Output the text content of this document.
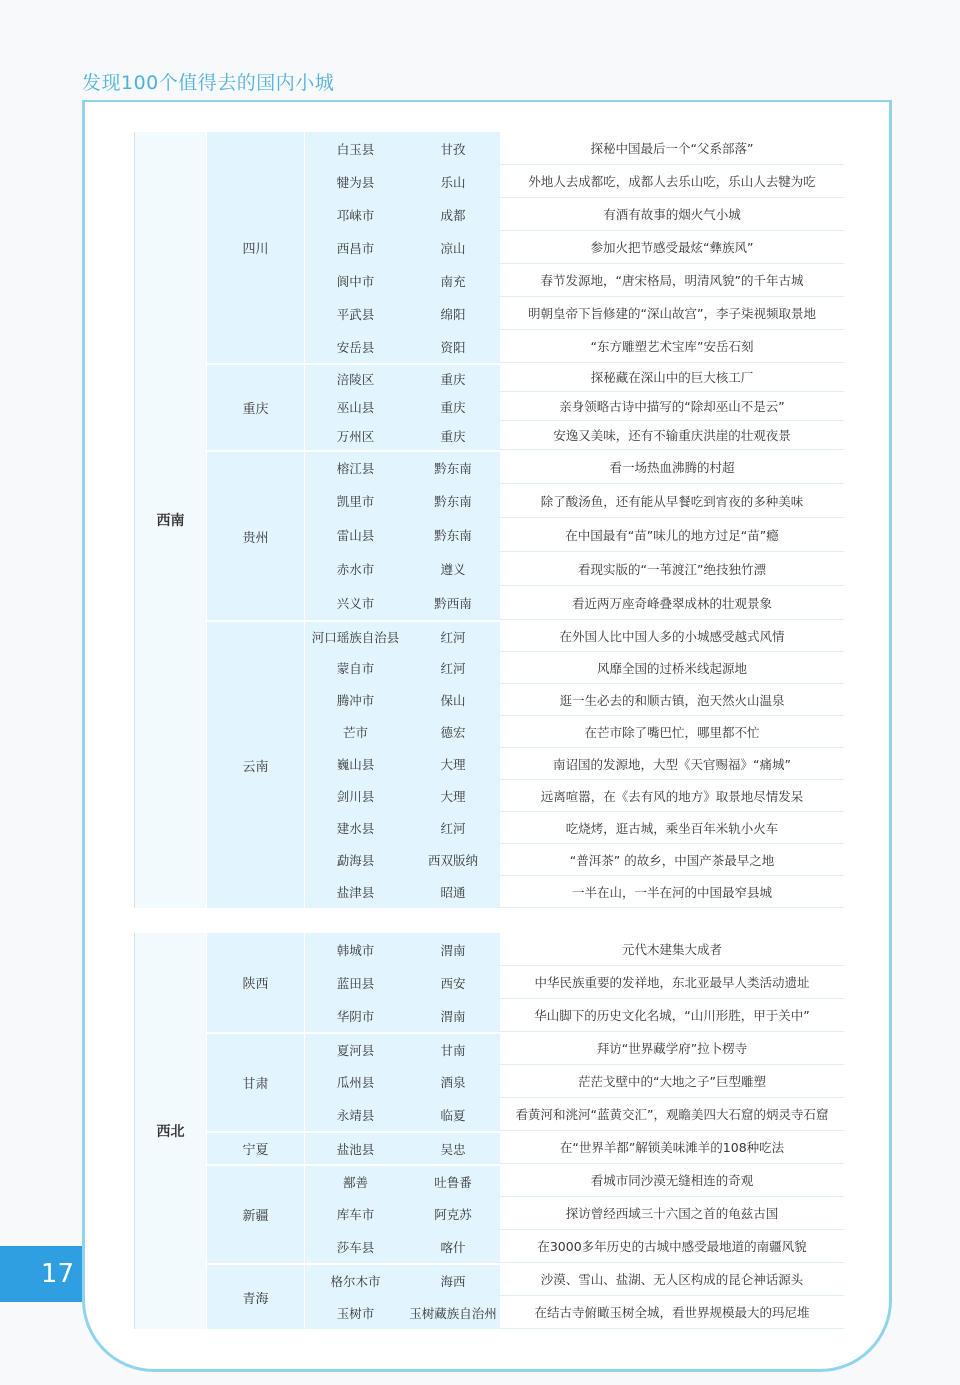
发现100个值得去的国内小城
17
西南
四川
白玉县	甘孜	探秘中国最后一个“父系部落”
犍为县	乐山	外地人去成都吃，成都人去乐山吃，乐山人去犍为吃
邛崃市	成都	有酒有故事的烟火气小城
西昌市	凉山	参加火把节感受最炫“彝族风”
阆中市	南充	春节发源地，“唐宋格局，明清风貌”的千年古城
平武县	绵阳	明朝皇帝下旨修建的“深山故宫”，李子柒视频取景地
安岳县	资阳	“东方雕塑艺术宝库”安岳石刻
重庆
涪陵区	重庆	探秘藏在深山中的巨大核工厂
巫山县	重庆	亲身领略古诗中描写的“除却巫山不是云”
万州区	重庆	安逸又美味，还有不输重庆洪崖的壮观夜景
贵州
榕江县	黔东南	看一场热血沸腾的村超
凯里市	黔东南	除了酸汤鱼，还有能从早餐吃到宵夜的多种美味
雷山县	黔东南	在中国最有“苗”味儿的地方过足“苗”瘾
赤水市	遵义	看现实版的“一苇渡江”绝技独竹漂
兴义市	黔西南	看近两万座奇峰叠翠成林的壮观景象
云南
河口瑶族自治县	红河	在外国人比中国人多的小城感受越式风情
蒙自市	红河	风靡全国的过桥米线起源地
腾冲市	保山	逛一生必去的和顺古镇，泡天然火山温泉
芒市	德宏	在芒市除了嘴巴忙，哪里都不忙
巍山县	大理	南诏国的发源地，大型《天官赐福》“痛城”
剑川县	大理	远离喧嚣，在《去有风的地方》取景地尽情发呆
建水县	红河	吃烧烤，逛古城，乘坐百年米轨小火车
勐海县	西双版纳	“普洱茶” 的故乡，中国产茶最早之地
盐津县	昭通	一半在山，一半在河的中国最窄县城
西北
陕西
韩城市	渭南	元代木建集大成者
蓝田县	西安	中华民族重要的发祥地，东北亚最早人类活动遗址
华阴市	渭南	华山脚下的历史文化名城，“山川形胜，甲于关中”
甘肃
夏河县	甘南	拜访“世界藏学府”拉卜楞寺
瓜州县	酒泉	茫茫戈壁中的“大地之子”巨型雕塑
永靖县	临夏	看黄河和洮河“蓝黄交汇”，观瞻美四大石窟的炳灵寺石窟
宁夏	盐池县	吴忠	在“世界羊都”解锁美味滩羊的108种吃法
新疆
鄯善	吐鲁番	看城市同沙漠无缝相连的奇观
库车市	阿克苏	探访曾经西域三十六国之首的龟兹古国
莎车县	喀什	在3000多年历史的古城中感受最地道的南疆风貌
青海
格尔木市	海西	沙漠、雪山、盐湖、无人区构成的昆仑神话源头
玉树市	玉树藏族自治州	在结古寺俯瞰玉树全城，看世界规模最大的玛尼堆
